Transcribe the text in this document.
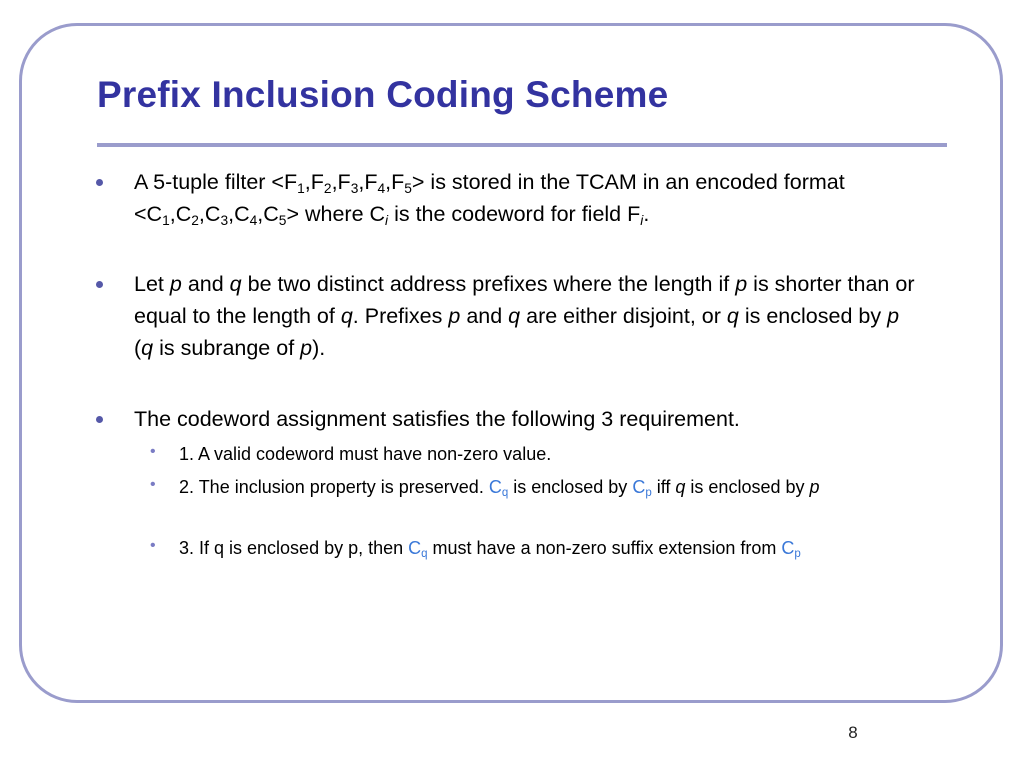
Prefix Inclusion Coding Scheme
A 5-tuple filter $<F_1,F_2,F_3,F_4,F_5>$ is stored in the TCAM in an encoded format $<C_1,C_2,C_3,C_4,C_5>$ where $C_i$ is the codeword for field $F_i$.
Let p and q be two distinct address prefixes where the length if p is shorter than or equal to the length of q. Prefixes p and q are either disjoint, or q is enclosed by p (q is subrange of p).
The codeword assignment satisfies the following 3 requirement.
• 1. A valid codeword must have non-zero value.
• 2. The inclusion property is preserved. $C_q$ is enclosed by $C_p$ iff q is enclosed by p
• 3. If q is enclosed by p, then $C_q$ must have a non-zero suffix extension from $C_p$
8
